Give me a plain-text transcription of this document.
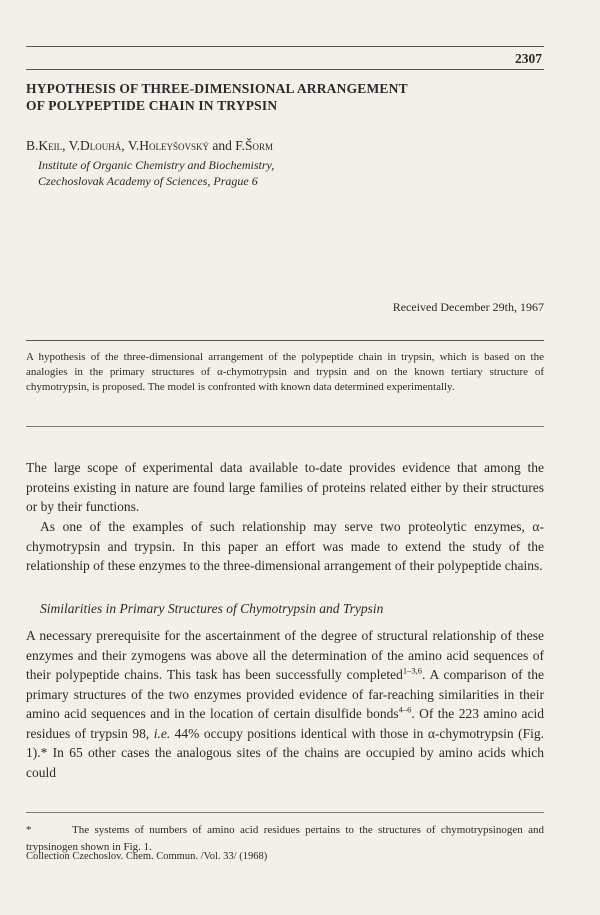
2307
HYPOTHESIS OF THREE-DIMENSIONAL ARRANGEMENT
OF POLYPEPTIDE CHAIN IN TRYPSIN
B.Keil, V.Dlouhá, V.Holeyšovský and F.Šorm
Institute of Organic Chemistry and Biochemistry,
Czechoslovak Academy of Sciences, Prague 6
Received December 29th, 1967
A hypothesis of the three-dimensional arrangement of the polypeptide chain in trypsin, which is based on the analogies in the primary structures of α-chymotrypsin and trypsin and on the known tertiary structure of chymotrypsin, is proposed. The model is confronted with known data determined experimentally.
The large scope of experimental data available to-date provides evidence that among the proteins existing in nature are found large families of proteins related either by their structures or by their functions.
As one of the examples of such relationship may serve two proteolytic enzymes, α-chymotrypsin and trypsin. In this paper an effort was made to extend the study of the relationship of these enzymes to the three-dimensional arrangement of their polypeptide chains.
Similarities in Primary Structures of Chymotrypsin and Trypsin
A necessary prerequisite for the ascertainment of the degree of structural relationship of these enzymes and their zymogens was above all the determination of the amino acid sequences of their polypeptide chains. This task has been successfully completed$^{1-3,6}$. A comparison of the primary structures of the two enzymes provided evidence of far-reaching similarities in their amino acid sequences and in the location of certain disulfide bonds$^{4-6}$. Of the 223 amino acid residues of trypsin 98, i.e. 44% occupy positions identical with those in α-chymotrypsin (Fig. 1).* In 65 other cases the analogous sites of the chains are occupied by amino acids which could
*	The systems of numbers of amino acid residues pertains to the structures of chymotrypsinogen and trypsinogen shown in Fig. 1.
Collection Czechoslov. Chem. Commun. /Vol. 33/ (1968)
